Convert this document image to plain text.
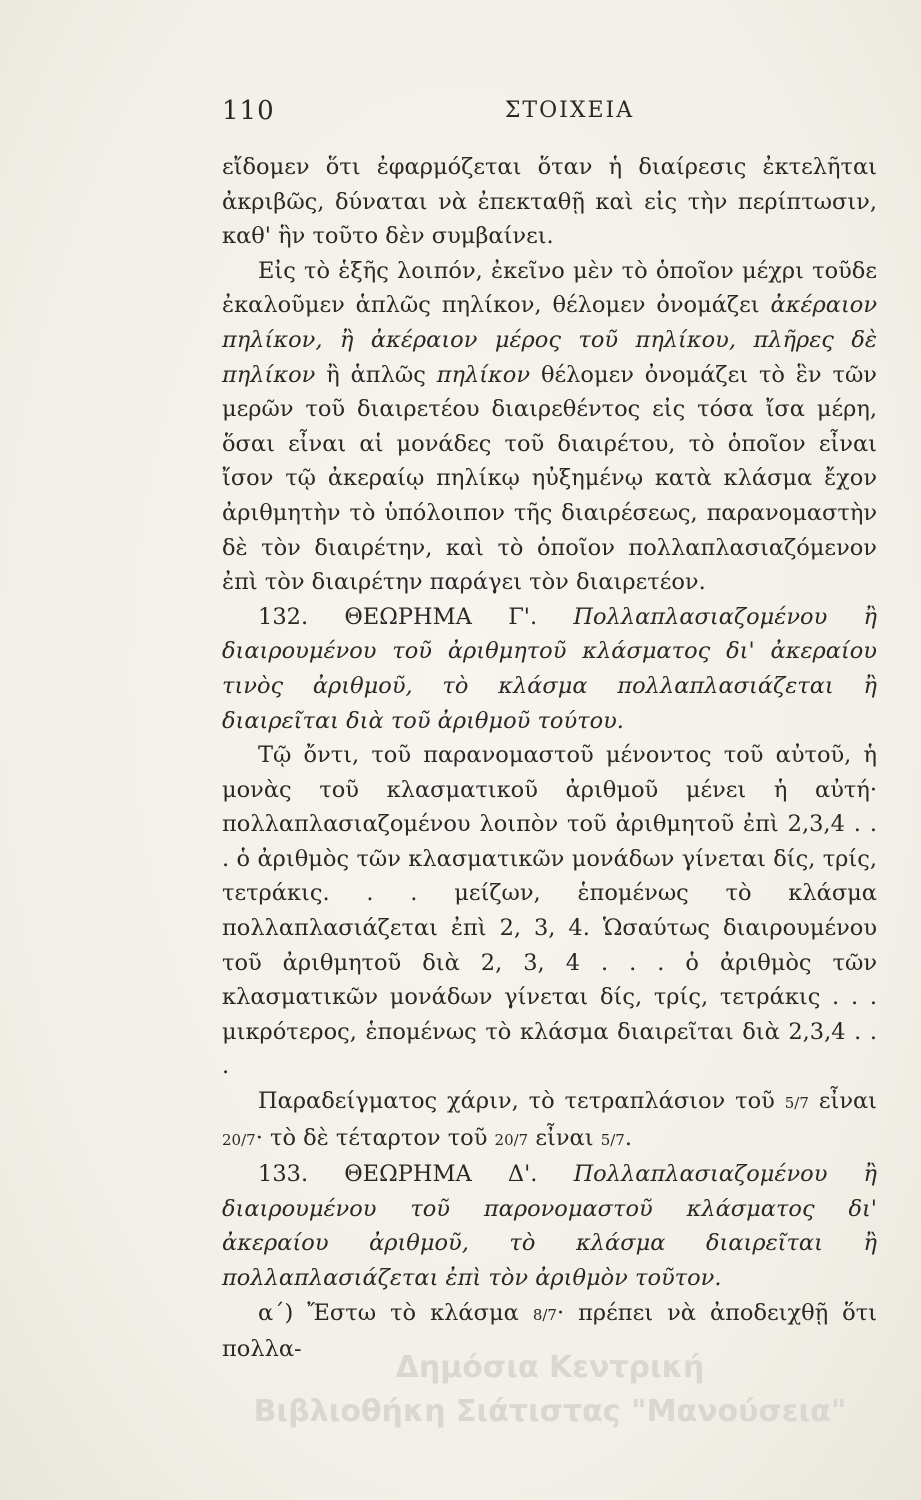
110	ΣΤΟΙΧΕΙΑ

εἴδομεν ὅτι ἐφαρμόζεται ὅταν ἡ διαίρεσις ἐκτελῆται ἀκριβῶς, δύναται νὰ ἐπεκταθῇ καὶ εἰς τὴν περίπτωσιν, καθ' ἣν τοῦτο δὲν συμβαίνει.

Εἰς τὸ ἑξῆς λοιπόν, ἐκεῖνο μὲν τὸ ὁποῖον μέχρι τοῦδε ἐκαλοῦμεν ἁπλῶς πηλίκον, θέλομεν ὀνομάζει ἀκέραιον πηλίκον, ἢ ἀκέραιον μέρος τοῦ πηλίκου, πλῆρες δὲ πηλίκον ἢ ἁπλῶς πηλίκον θέλομεν ὀνομάζει τὸ ἓν τῶν μερῶν τοῦ διαιρετέου διαιρεθέντος εἰς τόσα ἴσα μέρη, ὅσαι εἶναι αἱ μονάδες τοῦ διαιρέτου, τὸ ὁποῖον εἶναι ἴσον τῷ ἀκεραίῳ πηλίκῳ ηὐξημένῳ κατὰ κλάσμα ἔχον ἀριθμητὴν τὸ ὑπόλοιπον τῆς διαιρέσεως, παρανομαστὴν δὲ τὸν διαιρέτην, καὶ τὸ ὁποῖον πολλαπλασιαζόμενον ἐπὶ τὸν διαιρέτην παράγει τὸν διαιρετέον.

132. ΘΕΩΡΗΜΑ Γ'. Πολλαπλασιαζομένου ἢ διαιρουμένου τοῦ ἀριθμητοῦ κλάσματος δι' ἀκεραίου τινὸς ἀριθμοῦ, τὸ κλάσμα πολλαπλασιάζεται ἢ διαιρεῖται διὰ τοῦ ἀριθμοῦ τούτου.

Τῷ ὄντι, τοῦ παρανομαστοῦ μένοντος τοῦ αὐτοῦ, ἡ μονὰς τοῦ κλασματικοῦ ἀριθμοῦ μένει ἡ αὐτή· πολλαπλασιαζομένου λοιπὸν τοῦ ἀριθμητοῦ ἐπὶ 2,3,4 . . . ὁ ἀριθμὸς τῶν κλασματικῶν μονάδων γίνεται δίς, τρίς, τετράκις. . . μείζων, ἑπομένως τὸ κλάσμα πολλαπλασιάζεται ἐπὶ 2, 3, 4. Ὡσαύτως διαιρουμένου τοῦ ἀριθμητοῦ διὰ 2, 3, 4 . . . ὁ ἀριθμὸς τῶν κλασματικῶν μονάδων γίνεται δίς, τρίς, τετράκις . . . μικρότερος, ἑπομένως τὸ κλάσμα διαιρεῖται διὰ 2,3,4 . . .

Παραδείγματος χάριν, τὸ τετραπλάσιον τοῦ 5/7 εἶναι 20/7· τὸ δὲ τέταρτον τοῦ 20/7 εἶναι 5/7.

133. ΘΕΩΡΗΜΑ Δ'. Πολλαπλασιαζομένου ἢ διαιρουμένου τοῦ παρονομαστοῦ κλάσματος δι' ἀκεραίου ἀριθμοῦ, τὸ κλάσμα διαιρεῖται ἢ πολλαπλασιάζεται ἐπὶ τὸν ἀριθμὸν τοῦτον.

α΄) Ἔστω τὸ κλάσμα 8/7· πρέπει νὰ ἀποδειχθῇ ὅτι πολλα-

Δημόσια Κεντρική
Βιβλιοθήκη Σιάτιστας "Μανούσεια"
